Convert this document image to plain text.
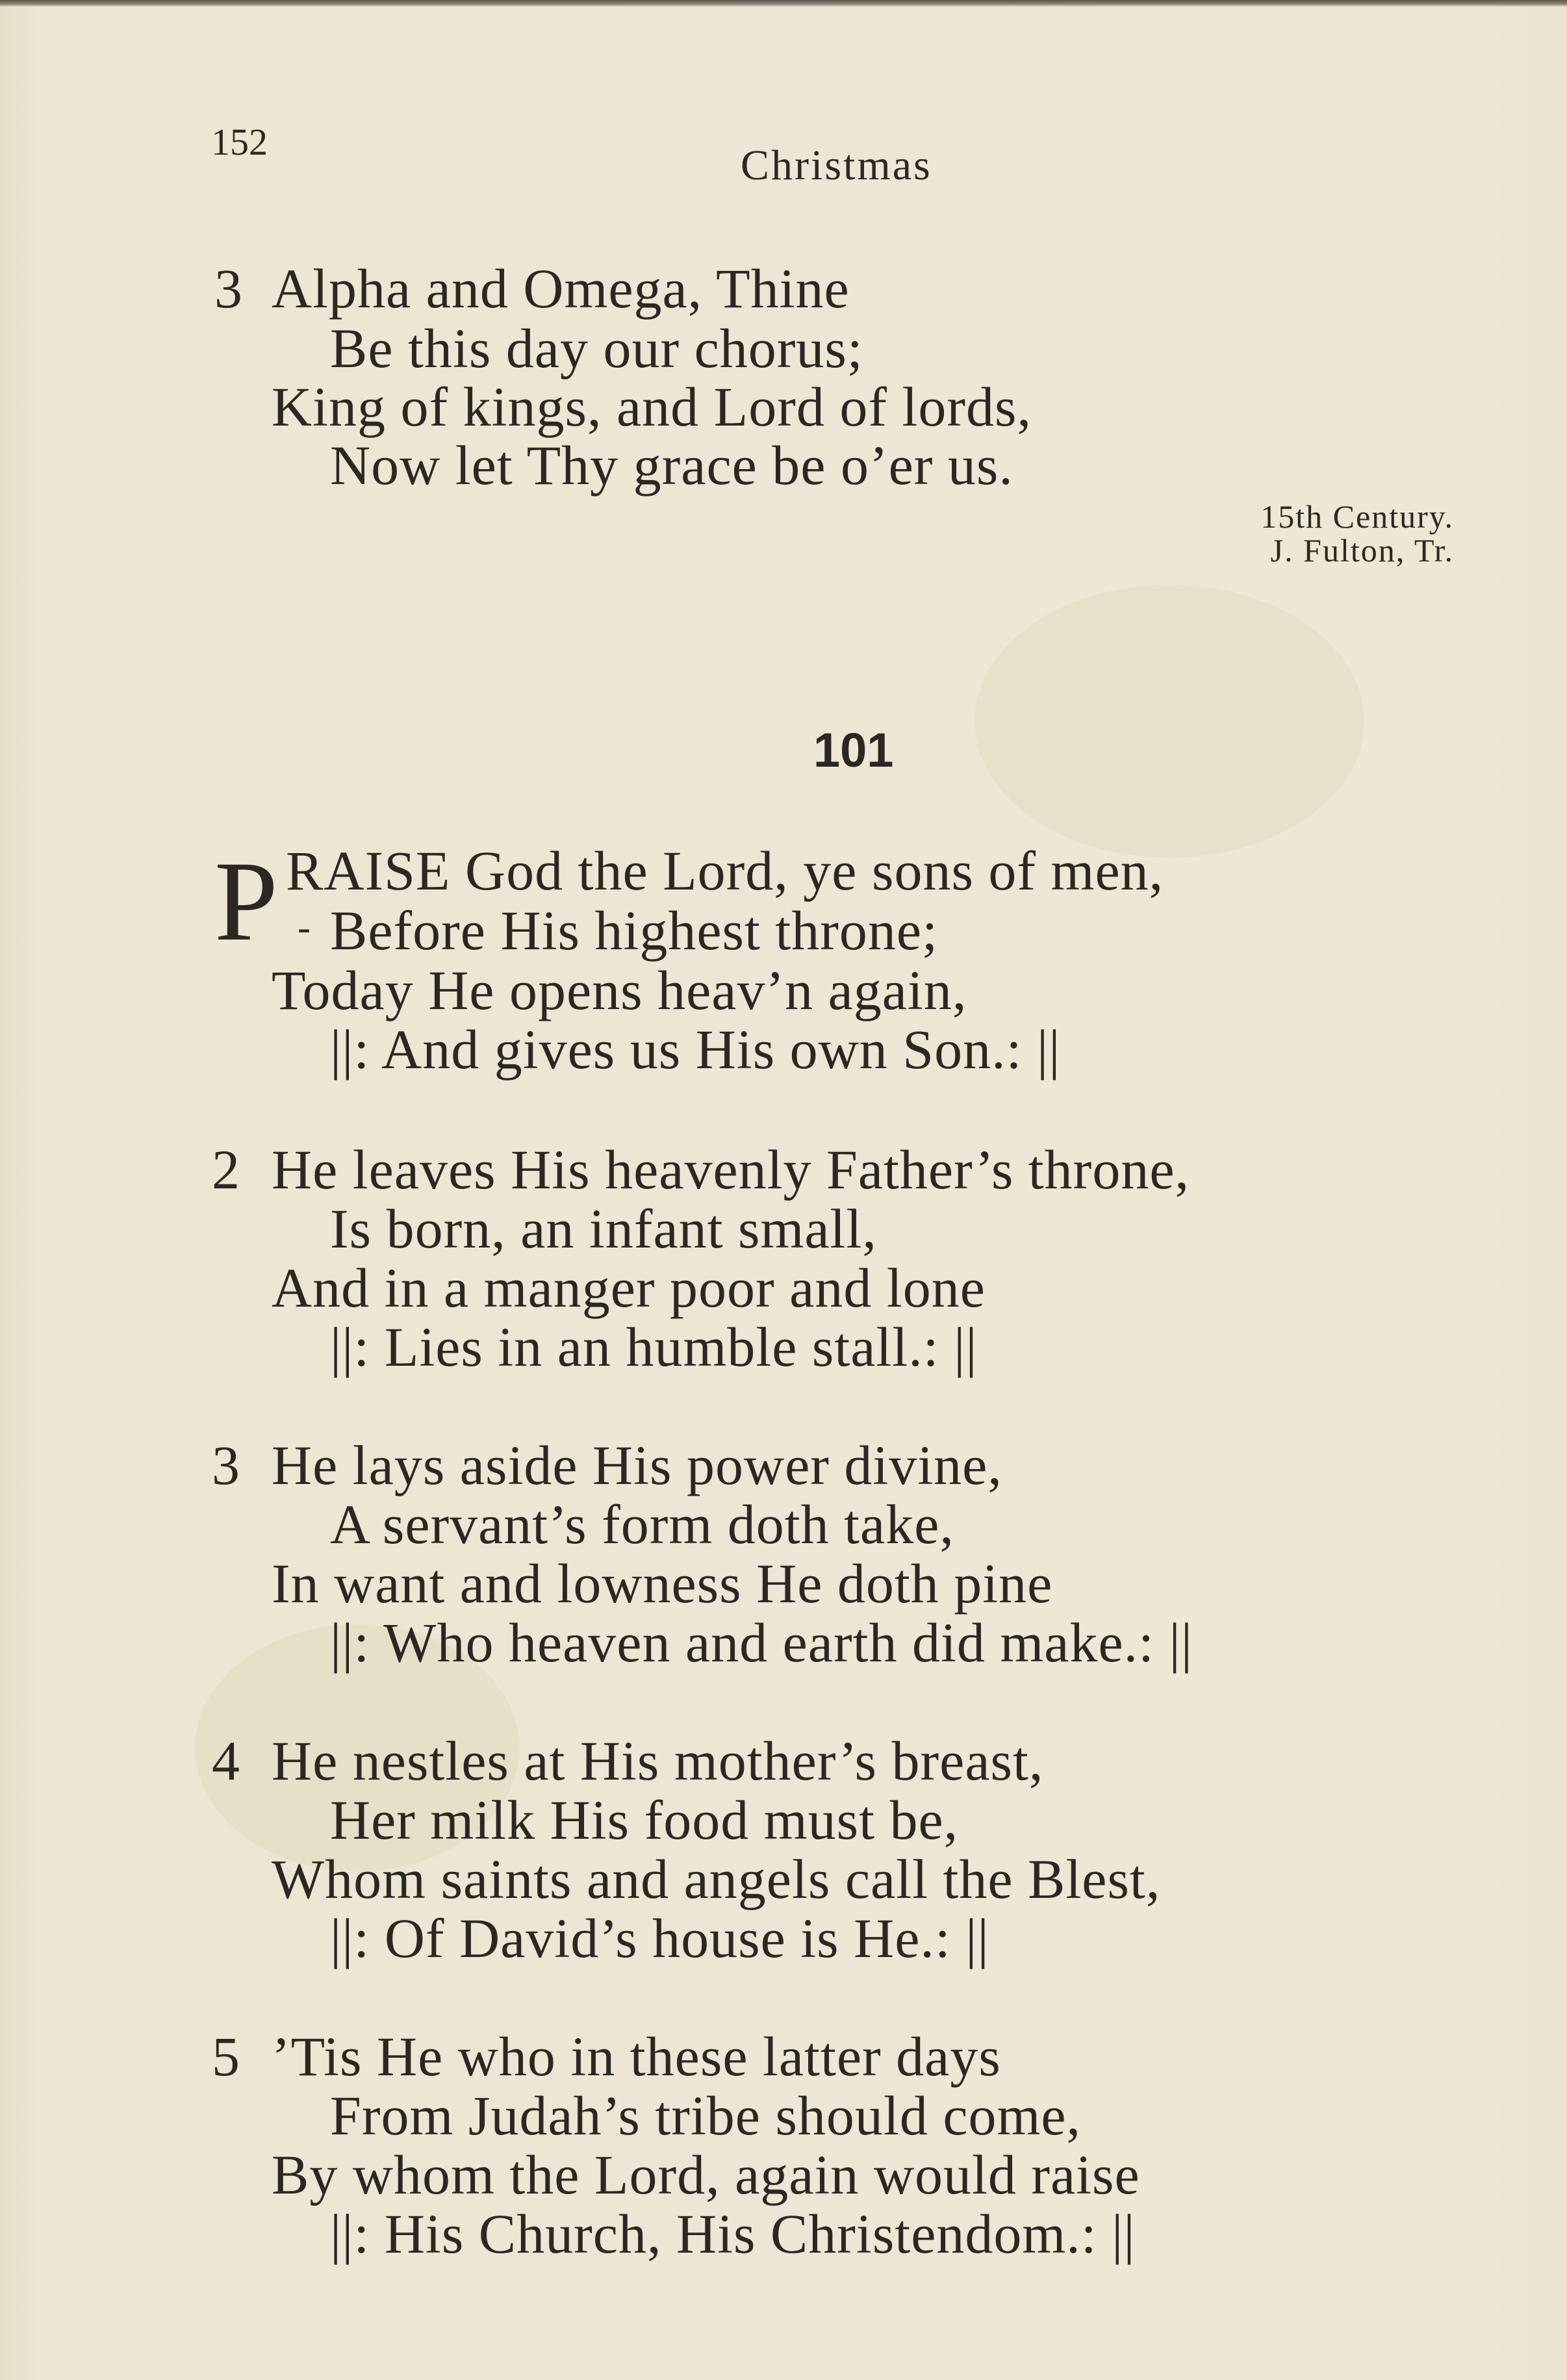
152	Christmas
3 Alpha and Omega, Thine
Be this day our chorus;
King of kings, and Lord of lords,
Now let Thy grace be o’er us.
15th Century.
J. Fulton, Tr.
101
P -
RAISE God the Lord, ye sons of men,
Before His highest throne;
Today He opens heav’n again,
||: And gives us His own Son.: ||
2 He leaves His heavenly Father’s throne,
Is born, an infant small,
And in a manger poor and lone
||: Lies in an humble stall.: ||
3 He lays aside His power divine,
A servant’s form doth take,
In want and lowness He doth pine
||: Who heaven and earth did make.: ||
4 He nestles at His mother’s breast,
Her milk His food must be,
Whom saints and angels call the Blest,
||: Of David’s house is He.: ||
5 ’Tis He who in these latter days
From Judah’s tribe should come,
By whom the Lord, again would raise
||: His Church, His Christendom.: ||
